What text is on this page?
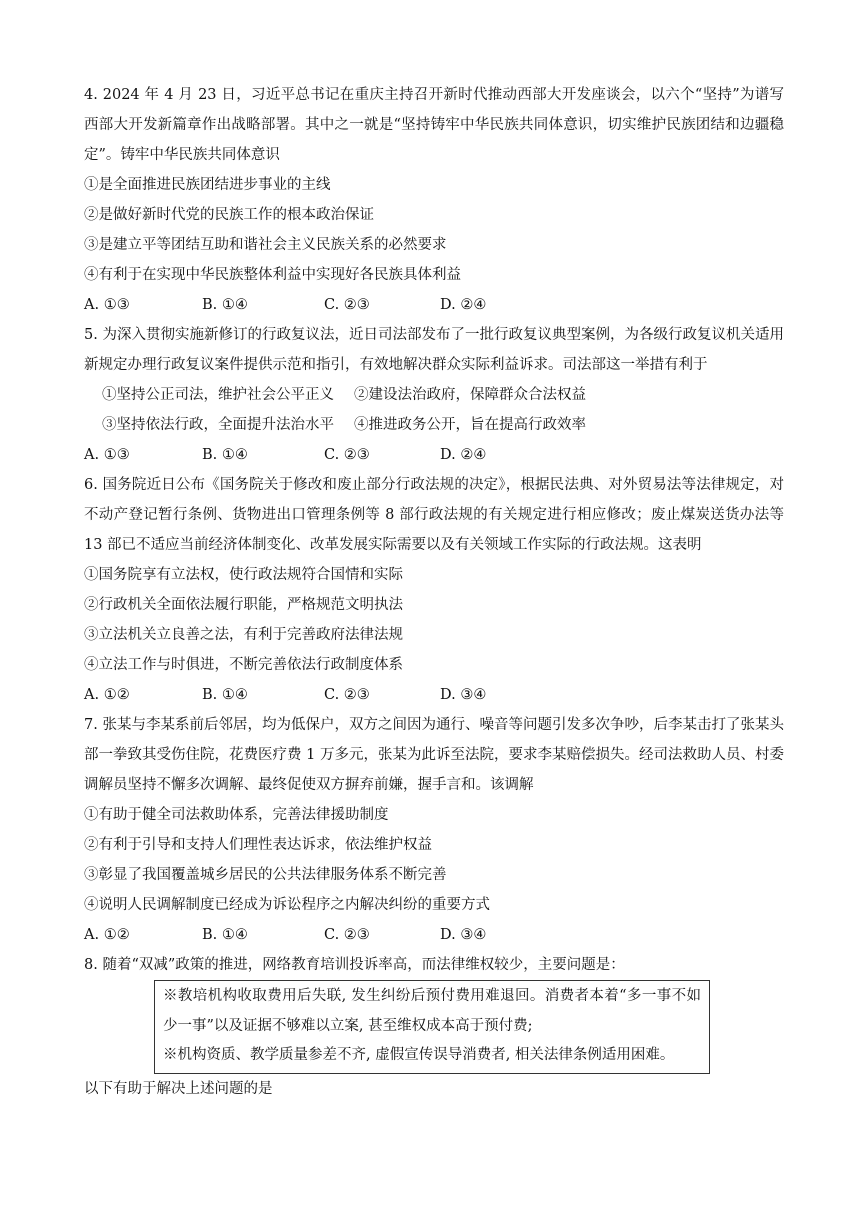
4. 2024 年 4 月 23 日，习近平总书记在重庆主持召开新时代推动西部大开发座谈会，以六个“坚持”为谱写西部大开发新篇章作出战略部署。其中之一就是“坚持铸牢中华民族共同体意识，切实维护民族团结和边疆稳定”。铸牢中华民族共同体意识
①是全面推进民族团结进步事业的主线
②是做好新时代党的民族工作的根本政治保证
③是建立平等团结互助和谐社会主义民族关系的必然要求
④有利于在实现中华民族整体利益中实现好各民族具体利益
A. ①③	B. ①④	C. ②③	D. ②④
5. 为深入贯彻实施新修订的行政复议法，近日司法部发布了一批行政复议典型案例，为各级行政复议机关适用新规定办理行政复议案件提供示范和指引，有效地解决群众实际利益诉求。司法部这一举措有利于
①坚持公正司法，维护社会公平正义 ②建设法治政府，保障群众合法权益
③坚持依法行政，全面提升法治水平 ④推进政务公开，旨在提高行政效率
A. ①③	B. ①④	C. ②③	D. ②④
6. 国务院近日公布《国务院关于修改和废止部分行政法规的决定》，根据民法典、对外贸易法等法律规定，对不动产登记暂行条例、货物进出口管理条例等 8 部行政法规的有关规定进行相应修改；废止煤炭送货办法等 13 部已不适应当前经济体制变化、改革发展实际需要以及有关领域工作实际的行政法规。这表明
①国务院享有立法权，使行政法规符合国情和实际
②行政机关全面依法履行职能，严格规范文明执法
③立法机关立良善之法，有利于完善政府法律法规
④立法工作与时俱进，不断完善依法行政制度体系
A. ①②	B. ①④	C. ②③	D. ③④
7. 张某与李某系前后邻居，均为低保户，双方之间因为通行、噪音等问题引发多次争吵，后李某击打了张某头部一拳致其受伤住院，花费医疗费 1 万多元，张某为此诉至法院，要求李某赔偿损失。经司法救助人员、村委调解员坚持不懈多次调解、最终促使双方摒弃前嫌，握手言和。该调解
①有助于健全司法救助体系，完善法律援助制度
②有利于引导和支持人们理性表达诉求，依法维护权益
③彰显了我国覆盖城乡居民的公共法律服务体系不断完善
④说明人民调解制度已经成为诉讼程序之内解决纠纷的重要方式
A. ①②	B. ①④	C. ②③	D. ③④
8. 随着“双减”政策的推进，网络教育培训投诉率高，而法律维权较少，主要问题是：
※教培机构收取费用后失联, 发生纠纷后预付费用难退回。消费者本着“多一事不如少一事”以及证据不够难以立案, 甚至维权成本高于预付费;
※机构资质、教学质量参差不齐, 虚假宣传误导消费者, 相关法律条例适用困难。
以下有助于解决上述问题的是
